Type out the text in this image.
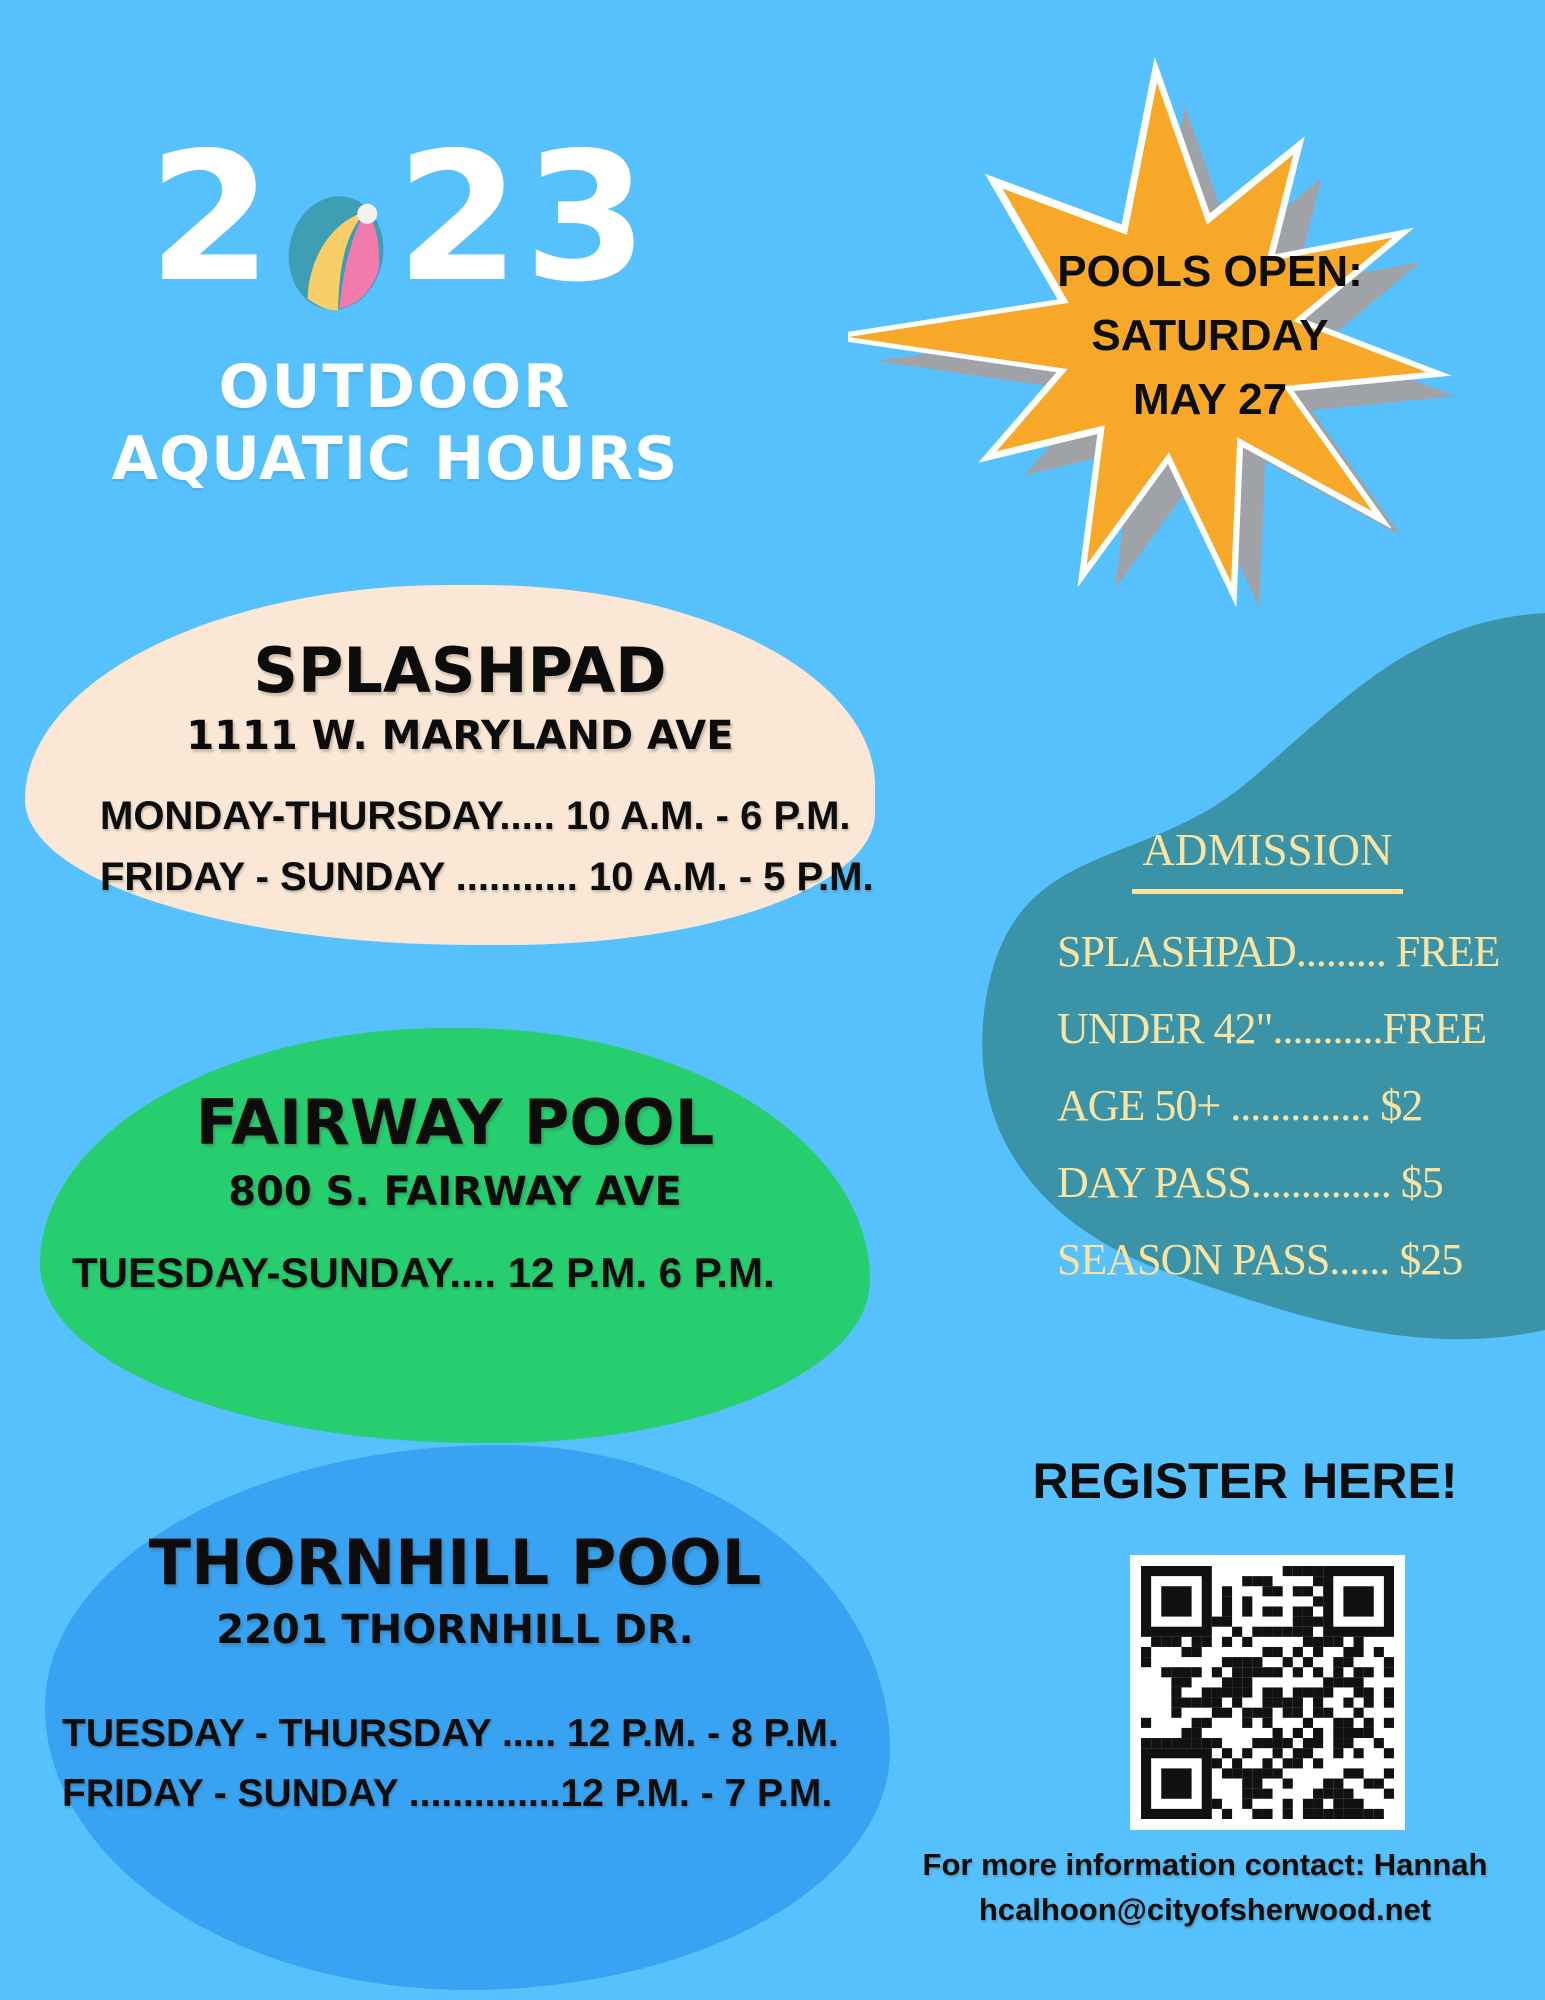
2 23
OUTDOOR
AQUATIC HOURS
POOLS OPEN:
SATURDAY
MAY 27
SPLASHPAD
1111 W. MARYLAND AVE
MONDAY-THURSDAY..... 10 A.M. - 6 P.M.
FRIDAY - SUNDAY ........... 10 A.M. - 5 P.M.	admission
SPLASHPAD......... FREE
UNDER 42"...........FREE
AGE 50+ .............. $2
DAY PASS.............. $5
SEASON PASS...... $25
FAIRWAY POOL
800 S. FAIRWAY AVE
TUESDAY-SUNDAY.... 12 P.M. 6 P.M.
THORNHILL POOL
2201 THORNHILL DR.
TUESDAY - THURSDAY ..... 12 P.M. - 8 P.M.
FRIDAY - SUNDAY ..............12 P.M. - 7 P.M.
REGISTER HERE!
For more information contact: Hannah
hcalhoon@cityofsherwood.net
